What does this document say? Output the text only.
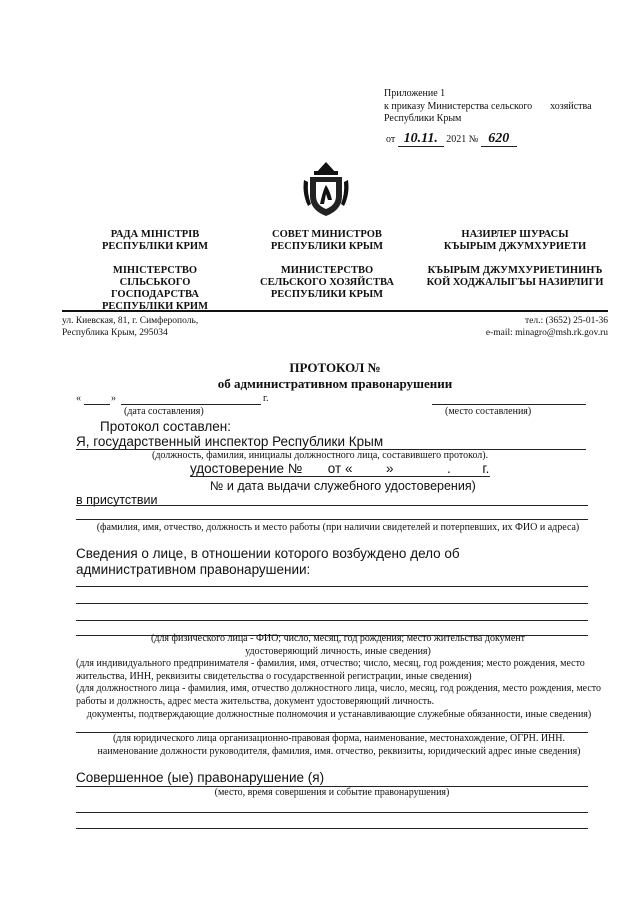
Приложение 1
к приказу Министерства сельского хозяйства
Республики Крым
от 10.11. 2021 № 620
РАДА МІНІСТРІВ
РЕСПУБЛІКИ КРИМ
СОВЕТ МИНИСТРОВ
РЕСПУБЛИКИ КРЫМ
НАЗИРЛЕР ШУРАСЫ
КЪЫРЫМ ДЖУМХУРИЕТИ
МІНІСТЕРСТВО
СІЛЬСЬКОГО
ГОСПОДАРСТВА
РЕСПУБЛІКИ КРИМ
МИНИСТЕРСТВО
СЕЛЬСКОГО ХОЗЯЙСТВА
РЕСПУБЛИКИ КРЫМ
КЪЫРЫМ ДЖУМХУРИЕТИНИНЪ
КОЙ ХОДЖАЛЫГЪЫ НАЗИРЛИГИ
ул. Киевская, 81, г. Симферополь,
Республика Крым, 295034
тел.: (3652) 25-01-36
e-mail: minagro@msh.rk.gov.ru
ПРОТОКОЛ №
об административном правонарушении
«	»	г.
(дата составления)	(место составления)
Протокол составлен:
Я, государственный инспектор Республики Крым
(должность, фамилия, инициалы должностного лица, составившего протокол).
удостоверение № от « »	. г.
№ и дата выдачи служебного удостоверения)
в присутствии
(фамилия, имя, отчество, должность и место работы (при наличии свидетелей и потерпевших, их ФИО и адреса)
Сведения о лице, в отношении которого возбуждено дело об административном правонарушении:
(для физического лица - ФИО; число, месяц, год рождения; место жительства документ удостоверяющий личность, иные сведения)
(для индивидуального предпринимателя - фамилия, имя, отчество; число, месяц, год рождения; место рождения, место жительства, ИНН, реквизиты свидетельства о государственной регистрации, иные сведения)
(для должностного лица - фамилия, имя, отчество должностного лица, число, месяц, год рождения, место рождения, место работы и должность, адрес места жительства, документ удостоверяющий личность.
документы, подтверждающие должностные полномочия и устанавливающие служебные обязанности, иные сведения)
(для юридического лица организационно-правовая форма, наименование, местонахождение, ОГРН. ИНН. наименование должности руководителя, фамилия, имя. отчество, реквизиты, юридический адрес иные сведения)
Совершенное (ые) правонарушение (я)
(место, время совершения и событие правонарушения)
